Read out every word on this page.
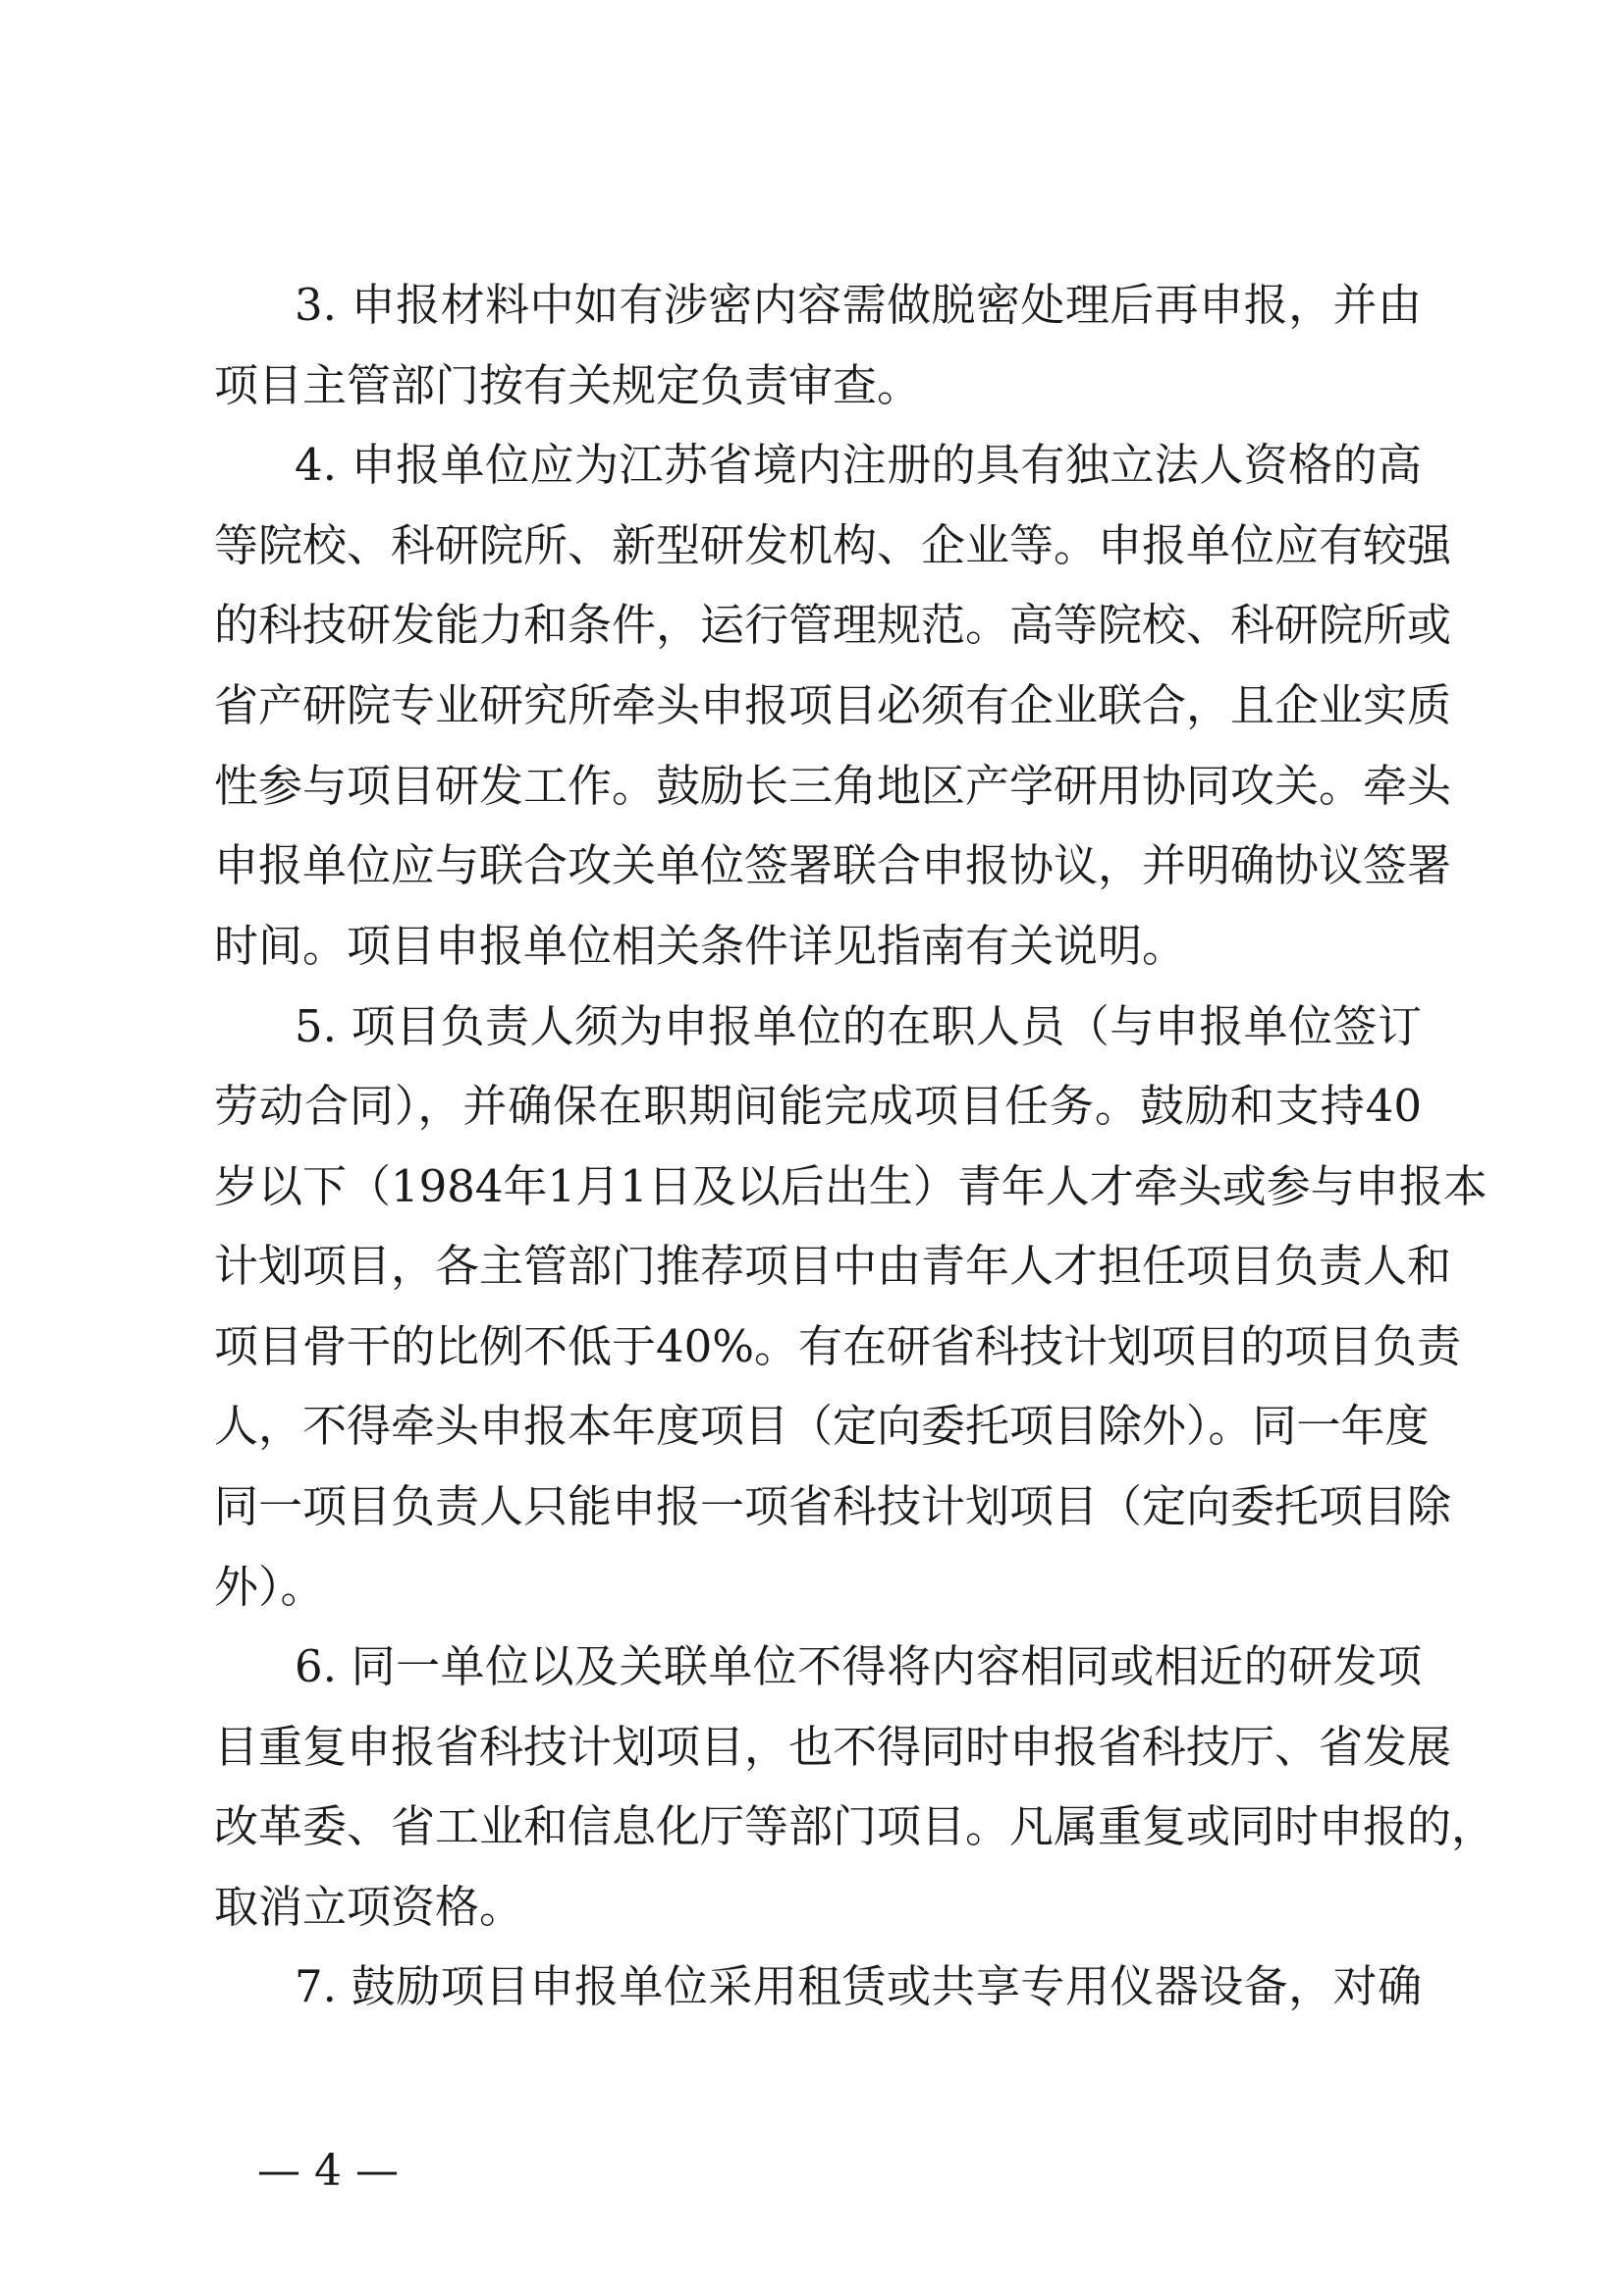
3. 申报材料中如有涉密内容需做脱密处理后再申报，并由
项目主管部门按有关规定负责审查。
4. 申报单位应为江苏省境内注册的具有独立法人资格的高
等院校、科研院所、新型研发机构、企业等。申报单位应有较强
的科技研发能力和条件，运行管理规范。高等院校、科研院所或
省产研院专业研究所牵头申报项目必须有企业联合，且企业实质
性参与项目研发工作。鼓励长三角地区产学研用协同攻关。牵头
申报单位应与联合攻关单位签署联合申报协议，并明确协议签署
时间。项目申报单位相关条件详见指南有关说明。
5. 项目负责人须为申报单位的在职人员（与申报单位签订
劳动合同），并确保在职期间能完成项目任务。鼓励和支持40
岁以下（1984年1月1日及以后出生）青年人才牵头或参与申报本
计划项目，各主管部门推荐项目中由青年人才担任项目负责人和
项目骨干的比例不低于40%。有在研省科技计划项目的项目负责
人，不得牵头申报本年度项目（定向委托项目除外）。同一年度
同一项目负责人只能申报一项省科技计划项目（定向委托项目除
外）。
6. 同一单位以及关联单位不得将内容相同或相近的研发项
目重复申报省科技计划项目，也不得同时申报省科技厅、省发展
改革委、省工业和信息化厅等部门项目。凡属重复或同时申报的，
取消立项资格。
7. 鼓励项目申报单位采用租赁或共享专用仪器设备，对确
— 4 —
